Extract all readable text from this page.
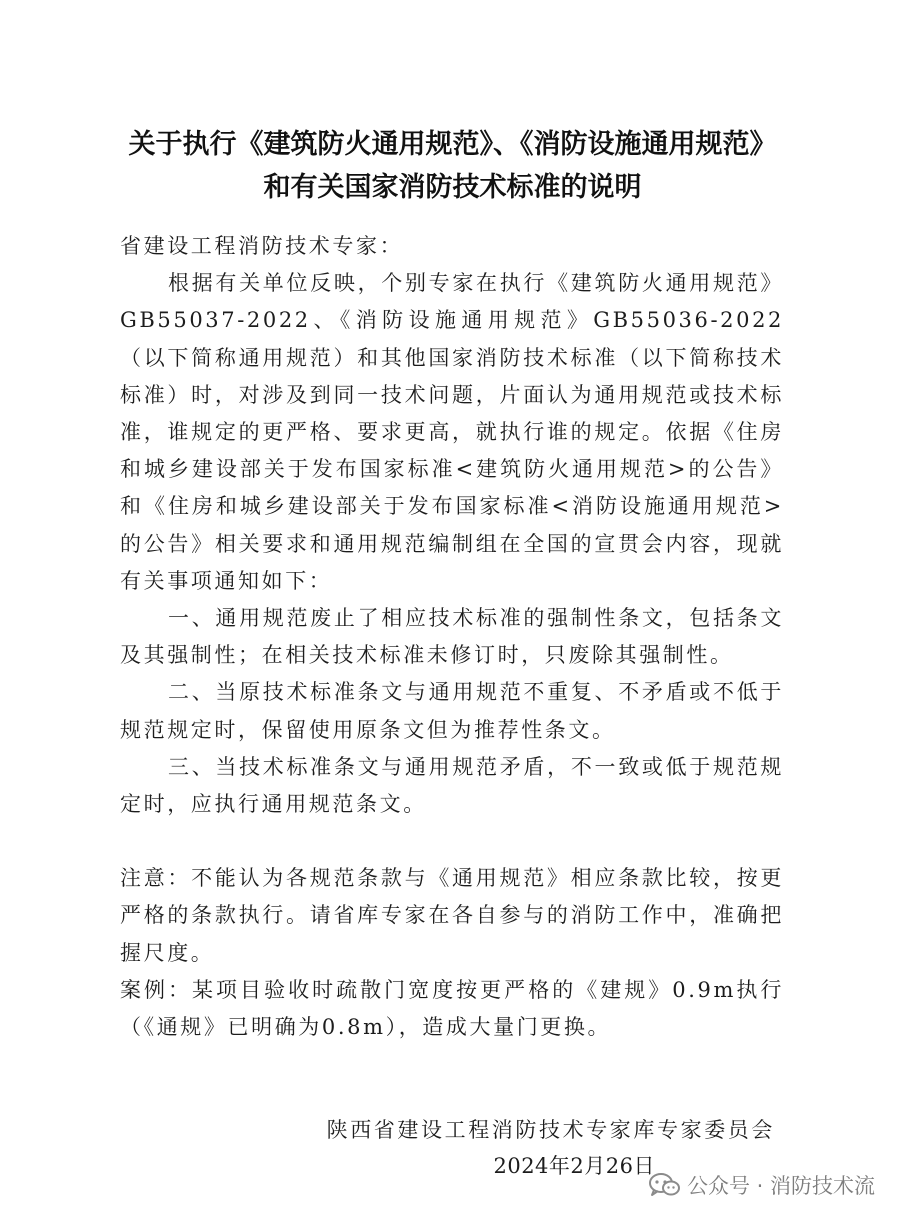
关于执行《建筑防火通用规范》、《消防设施通用规范》
和有关国家消防技术标准的说明

省建设工程消防技术专家：

根据有关单位反映，个别专家在执行《建筑防火通用规范》GB55037-2022、《消防设施通用规范》GB55036-2022（以下简称通用规范）和其他国家消防技术标准（以下简称技术标准）时，对涉及到同一技术问题，片面认为通用规范或技术标准，谁规定的更严格、要求更高，就执行谁的规定。依据《住房和城乡建设部关于发布国家标准<建筑防火通用规范>的公告》和《住房和城乡建设部关于发布国家标准<消防设施通用规范>的公告》相关要求和通用规范编制组在全国的宣贯会内容，现就有关事项通知如下：

一、通用规范废止了相应技术标准的强制性条文，包括条文及其强制性；在相关技术标准未修订时，只废除其强制性。

二、当原技术标准条文与通用规范不重复、不矛盾或不低于规范规定时，保留使用原条文但为推荐性条文。

三、当技术标准条文与通用规范矛盾，不一致或低于规范规定时，应执行通用规范条文。

注意：不能认为各规范条款与《通用规范》相应条款比较，按更严格的条款执行。请省库专家在各自参与的消防工作中，准确把握尺度。

案例：某项目验收时疏散门宽度按更严格的《建规》0.9m执行（《通规》已明确为0.8m），造成大量门更换。

陕西省建设工程消防技术专家库专家委员会
2024年2月26日
公众号 · 消防技术流
